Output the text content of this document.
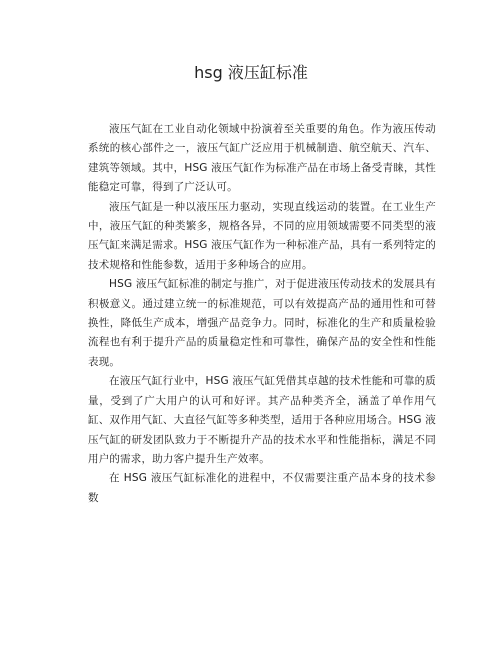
hsg 液压缸标准

液压气缸在工业自动化领域中扮演着至关重要的角色。作为液压传动系统的核心部件之一，液压气缸广泛应用于机械制造、航空航天、汽车、建筑等领域。其中，HSG 液压气缸作为标准产品在市场上备受青睐，其性能稳定可靠，得到了广泛认可。

液压气缸是一种以液压压力驱动，实现直线运动的装置。在工业生产中，液压气缸的种类繁多，规格各异，不同的应用领域需要不同类型的液压气缸来满足需求。HSG 液压气缸作为一种标准产品，具有一系列特定的技术规格和性能参数，适用于多种场合的应用。

HSG 液压气缸标准的制定与推广，对于促进液压传动技术的发展具有积极意义。通过建立统一的标准规范，可以有效提高产品的通用性和可替换性，降低生产成本，增强产品竞争力。同时，标准化的生产和质量检验流程也有利于提升产品的质量稳定性和可靠性，确保产品的安全性和性能表现。

在液压气缸行业中，HSG 液压气缸凭借其卓越的技术性能和可靠的质量，受到了广大用户的认可和好评。其产品种类齐全，涵盖了单作用气缸、双作用气缸、大直径气缸等多种类型，适用于各种应用场合。HSG 液压气缸的研发团队致力于不断提升产品的技术水平和性能指标，满足不同用户的需求，助力客户提升生产效率。

在 HSG 液压气缸标准化的进程中，不仅需要注重产品本身的技术参数
